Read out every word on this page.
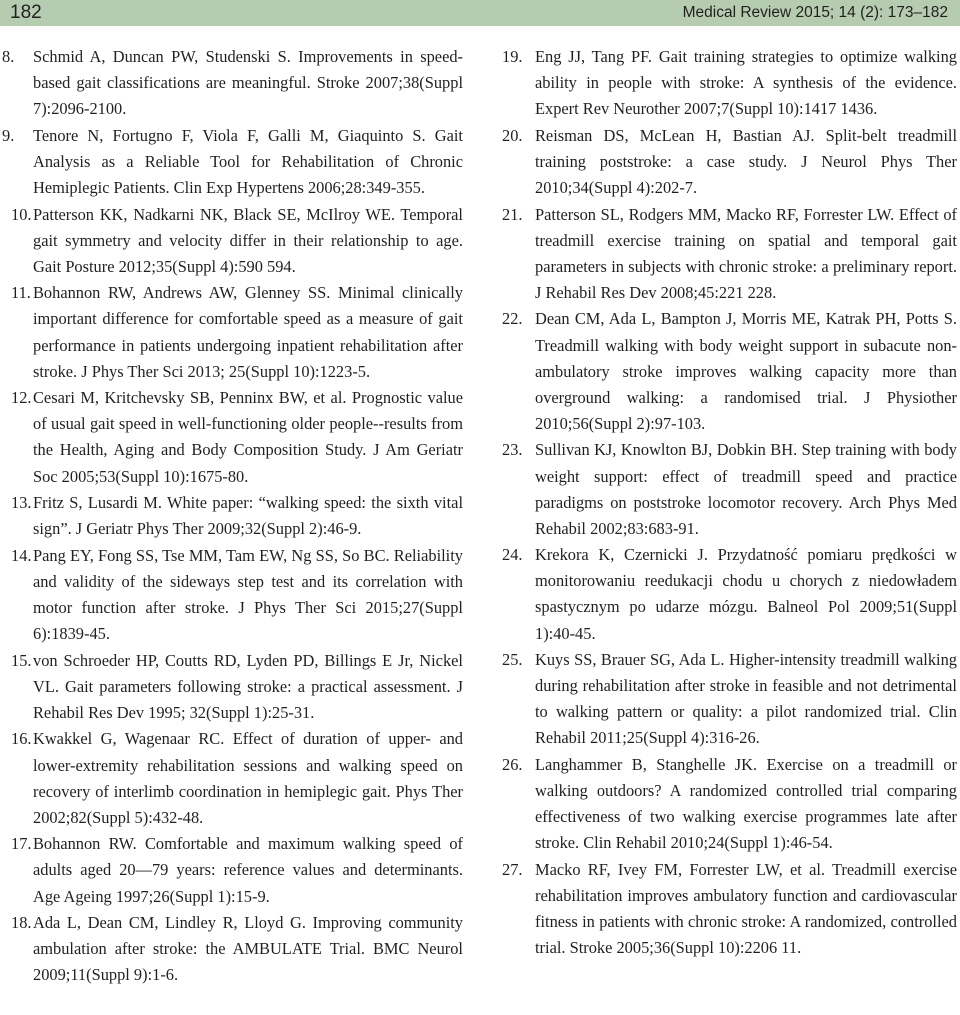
182	Medical Review 2015; 14 (2): 173–182
8. Schmid A, Duncan PW, Studenski S. Improvements in speed-based gait classifications are meaningful. Stroke 2007;38(Suppl 7):2096-2100.
9. Tenore N, Fortugno F, Viola F, Galli M, Giaquinto S. Gait Analysis as a Reliable Tool for Rehabilitation of Chronic Hemiplegic Patients. Clin Exp Hypertens 2006;28:349-355.
10. Patterson KK, Nadkarni NK, Black SE, McIlroy WE. Temporal gait symmetry and velocity differ in their relationship to age. Gait Posture 2012;35(Suppl 4):590 594.
11. Bohannon RW, Andrews AW, Glenney SS. Minimal clinically important difference for comfortable speed as a measure of gait performance in patients undergoing inpatient rehabilitation after stroke. J Phys Ther Sci 2013; 25(Suppl 10):1223-5.
12. Cesari M, Kritchevsky SB, Penninx BW, et al. Prognostic value of usual gait speed in well-functioning older people--results from the Health, Aging and Body Composition Study. J Am Geriatr Soc 2005;53(Suppl 10):1675-80.
13. Fritz S, Lusardi M. White paper: “walking speed: the sixth vital sign”. J Geriatr Phys Ther 2009;32(Suppl 2):46-9.
14. Pang EY, Fong SS, Tse MM, Tam EW, Ng SS, So BC. Reliability and validity of the sideways step test and its correlation with motor function after stroke. J Phys Ther Sci 2015;27(Suppl 6):1839-45.
15. von Schroeder HP, Coutts RD, Lyden PD, Billings E Jr, Nickel VL. Gait parameters following stroke: a practical assessment. J Rehabil Res Dev 1995; 32(Suppl 1):25-31.
16. Kwakkel G, Wagenaar RC. Effect of duration of upper- and lower-extremity rehabilitation sessions and walking speed on recovery of interlimb coordination in hemiplegic gait. Phys Ther 2002;82(Suppl 5):432-48.
17. Bohannon RW. Comfortable and maximum walking speed of adults aged 20—79 years: reference values and determinants. Age Ageing 1997;26(Suppl 1):15-9.
18. Ada L, Dean CM, Lindley R, Lloyd G. Improving community ambulation after stroke: the AMBULATE Trial. BMC Neurol 2009;11(Suppl 9):1-6.
19. Eng JJ, Tang PF. Gait training strategies to optimize walking ability in people with stroke: A synthesis of the evidence. Expert Rev Neurother 2007;7(Suppl 10):1417 1436.
20. Reisman DS, McLean H, Bastian AJ. Split-belt treadmill training poststroke: a case study. J Neurol Phys Ther 2010;34(Suppl 4):202-7.
21. Patterson SL, Rodgers MM, Macko RF, Forrester LW. Effect of treadmill exercise training on spatial and temporal gait parameters in subjects with chronic stroke: a preliminary report. J Rehabil Res Dev 2008;45:221 228.
22. Dean CM, Ada L, Bampton J, Morris ME, Katrak PH, Potts S. Treadmill walking with body weight support in subacute non-ambulatory stroke improves walking capacity more than overground walking: a randomised trial. J Physiother 2010;56(Suppl 2):97-103.
23. Sullivan KJ, Knowlton BJ, Dobkin BH. Step training with body weight support: effect of treadmill speed and practice paradigms on poststroke locomotor recovery. Arch Phys Med Rehabil 2002;83:683-91.
24. Krekora K, Czernicki J. Przydatność pomiaru prędkości w monitorowaniu reedukacji chodu u chorych z niedowładem spastycznym po udarze mózgu. Balneol Pol 2009;51(Suppl 1):40-45.
25. Kuys SS, Brauer SG, Ada L. Higher-intensity treadmill walking during rehabilitation after stroke in feasible and not detrimental to walking pattern or quality: a pilot randomized trial. Clin Rehabil 2011;25(Suppl 4):316-26.
26. Langhammer B, Stanghelle JK. Exercise on a treadmill or walking outdoors? A randomized controlled trial comparing effectiveness of two walking exercise programmes late after stroke. Clin Rehabil 2010;24(Suppl 1):46-54.
27. Macko RF, Ivey FM, Forrester LW, et al. Treadmill exercise rehabilitation improves ambulatory function and cardiovascular fitness in patients with chronic stroke: A randomized, controlled trial. Stroke 2005;36(Suppl 10):2206 11.
